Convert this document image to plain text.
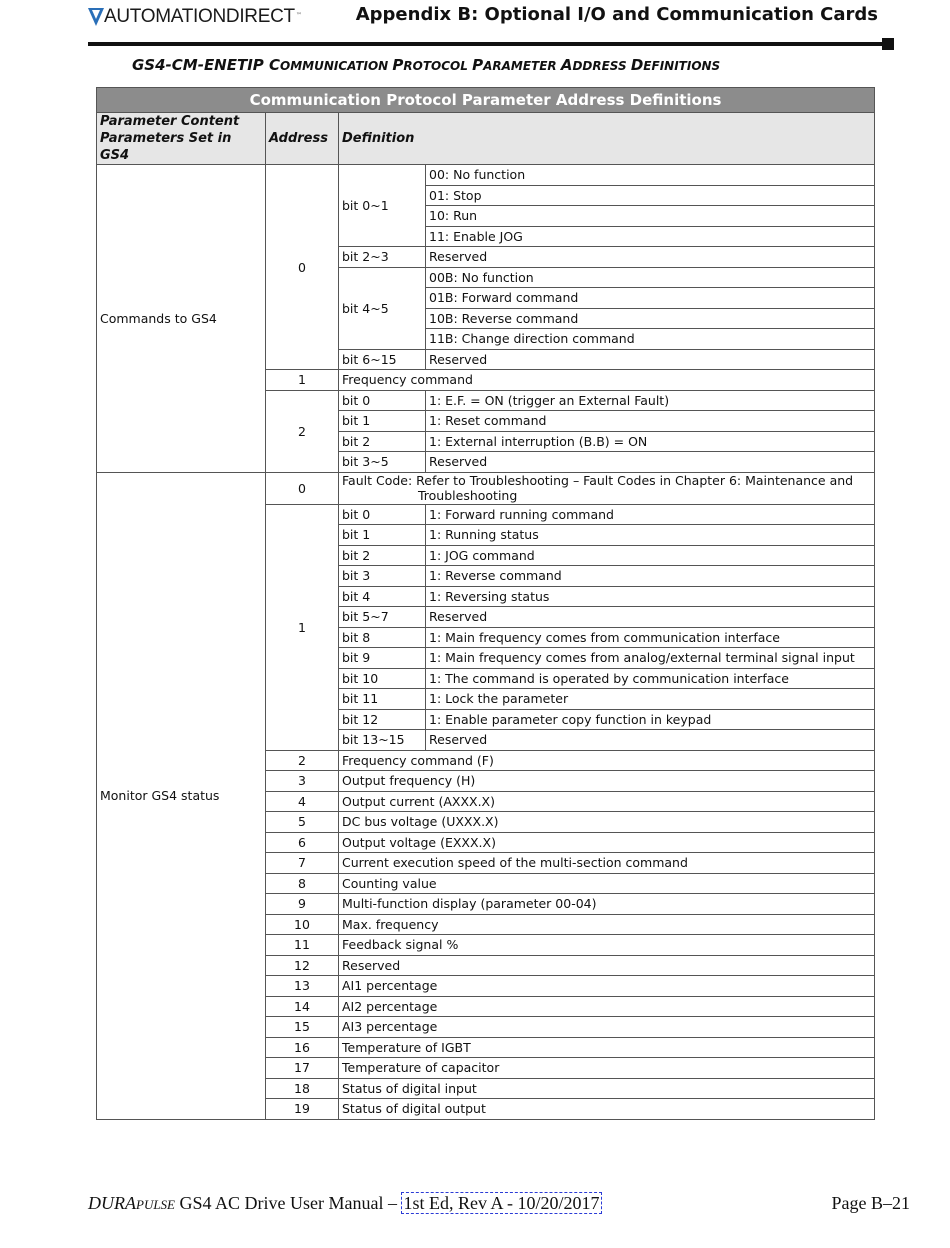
AUTOMATIONDIRECT ™	Appendix B: Optional I/O and Communication Cards
GS4-CM-ENETIP COMMUNICATION PROTOCOL PARAMETER ADDRESS DEFINITIONS
Communication Protocol Parameter Address Definitions			
Parameter Content Parameters Set in GS4	Address	Definition	
Commands to GS4	0	bit 0~1	00: No function
			01: Stop
			10: Run
			11: Enable JOG
		bit 2~3	Reserved
		bit 4~5	00B: No function
			01B: Forward command
			10B: Reverse command
			11B: Change direction command
		bit 6~15	Reserved
	1	Frequency command	
	2	bit 0	1: E.F. = ON (trigger an External Fault)
		bit 1	1: Reset command
		bit 2	1: External interruption (B.B) = ON
		bit 3~5	Reserved
Monitor GS4 status	0	Fault Code: Refer to Troubleshooting – Fault Codes in Chapter 6: Maintenance and
Troubleshooting	

	1	bit 0	1: Forward running command
		bit 1	1: Running status
		bit 2	1: JOG command
		bit 3	1: Reverse command
		bit 4	1: Reversing status
		bit 5~7	Reserved
		bit 8	1: Main frequency comes from communication interface
		bit 9	1: Main frequency comes from analog/external terminal signal input
		bit 10	1: The command is operated by communication interface
		bit 11	1: Lock the parameter
		bit 12	1: Enable parameter copy function in keypad
		bit 13~15	Reserved
	2	Frequency command (F)	
	3	Output frequency (H)	
	4	Output current (AXXX.X)	
	5	DC bus voltage (UXXX.X)	
	6	Output voltage (EXXX.X)	
	7	Current execution speed of the multi-section command	
	8	Counting value	
	9	Multi-function display (parameter 00-04)	
	10	Max. frequency	
	11	Feedback signal %	
	12	Reserved	
	13	AI1 percentage	
	14	AI2 percentage	
	15	AI3 percentage	
	16	Temperature of IGBT	
	17	Temperature of capacitor	
	18	Status of digital input	
	19	Status of digital output	
DURAPULSE GS4 AC Drive User Manual – 1st Ed, Rev A - 10/20/2017	Page B–21
